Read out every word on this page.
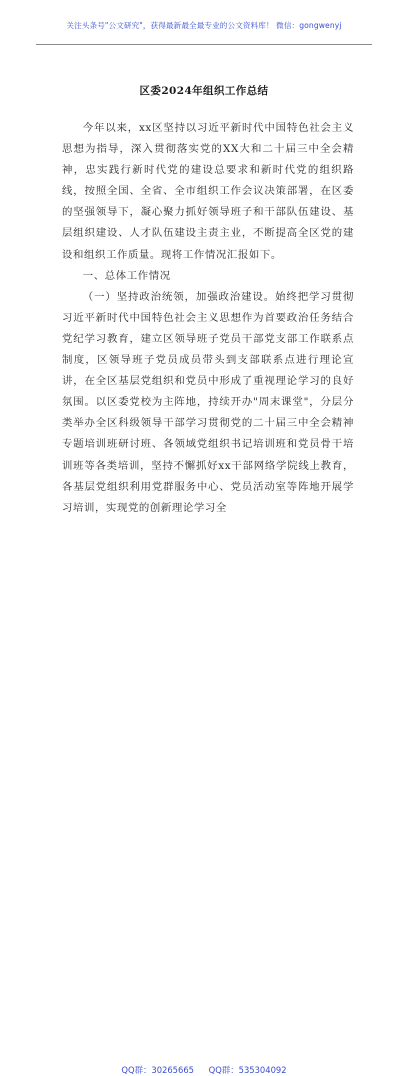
关注头条号"公文研究"，获得最新最全最专业的公文资料库！ 微信：gongwenyj
区委2024年组织工作总结

今年以来，xx区坚持以习近平新时代中国特色社会主义思想为指导，深入贯彻落实党的XX大和二十届三中全会精神，忠实践行新时代党的建设总要求和新时代党的组织路线，按照全国、全省、全市组织工作会议决策部署，在区委的坚强领导下，凝心聚力抓好领导班子和干部队伍建设、基层组织建设、人才队伍建设主责主业，不断提高全区党的建设和组织工作质量。现将工作情况汇报如下。

一、总体工作情况

（一）坚持政治统领，加强政治建设。始终把学习贯彻习近平新时代中国特色社会主义思想作为首要政治任务结合党纪学习教育，建立区领导班子党员干部党支部工作联系点制度，区领导班子党员成员带头到支部联系点进行理论宣讲，在全区基层党组织和党员中形成了重视理论学习的良好氛围。以区委党校为主阵地，持续开办"周末课堂"，分层分类举办全区科级领导干部学习贯彻党的二十届三中全会精神专题培训班研讨班、各领域党组织书记培训班和党员骨干培训班等各类培训，坚持不懈抓好xx干部网络学院线上教育，各基层党组织利用党群服务中心、党员活动室等阵地开展学习培训，实现党的创新理论学习全

QQ群：30265665 QQ群：535304092
